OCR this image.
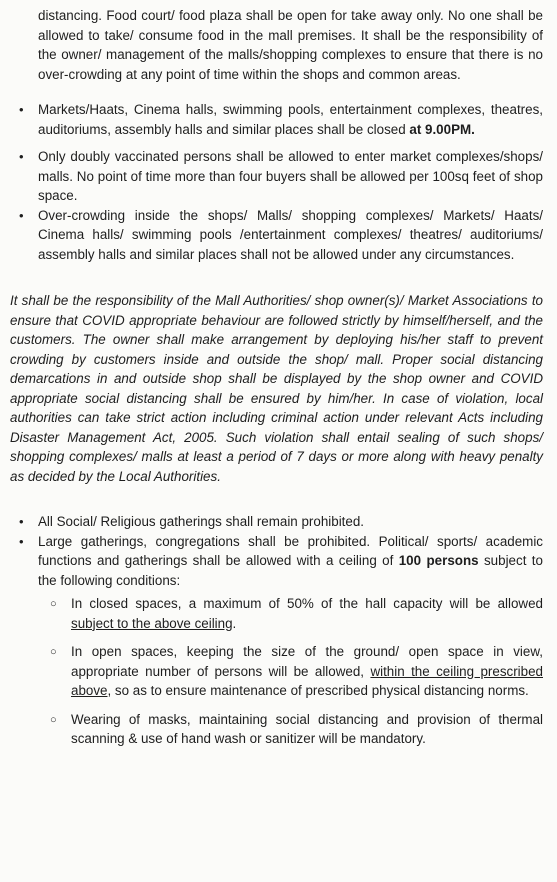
distancing. Food court/ food plaza shall be open for take away only. No one shall be allowed to take/ consume food in the mall premises. It shall be the responsibility of the owner/ management of the malls/shopping complexes to ensure that there is no over-crowding at any point of time within the shops and common areas.

• Markets/Haats, Cinema halls, swimming pools, entertainment complexes, theatres, auditoriums, assembly halls and similar places shall be closed at 9.00PM.
• Only doubly vaccinated persons shall be allowed to enter market complexes/shops/ malls. No point of time more than four buyers shall be allowed per 100sq feet of shop space.
• Over-crowding inside the shops/ Malls/ shopping complexes/ Markets/ Haats/ Cinema halls/ swimming pools /entertainment complexes/ theatres/ auditoriums/ assembly halls and similar places shall not be allowed under any circumstances.

It shall be the responsibility of the Mall Authorities/ shop owner(s)/ Market Associations to ensure that COVID appropriate behaviour are followed strictly by himself/herself, and the customers. The owner shall make arrangement by deploying his/her staff to prevent crowding by customers inside and outside the shop/ mall. Proper social distancing demarcations in and outside shop shall be displayed by the shop owner and COVID appropriate social distancing shall be ensured by him/her. In case of violation, local authorities can take strict action including criminal action under relevant Acts including Disaster Management Act, 2005. Such violation shall entail sealing of such shops/ shopping complexes/ malls at least a period of 7 days or more along with heavy penalty as decided by the Local Authorities.

• All Social/ Religious gatherings shall remain prohibited.
• Large gatherings, congregations shall be prohibited. Political/ sports/ academic functions and gatherings shall be allowed with a ceiling of 100 persons subject to the following conditions:
○ In closed spaces, a maximum of 50% of the hall capacity will be allowed subject to the above ceiling.
○ In open spaces, keeping the size of the ground/ open space in view, appropriate number of persons will be allowed, within the ceiling prescribed above, so as to ensure maintenance of prescribed physical distancing norms.
○ Wearing of masks, maintaining social distancing and provision of thermal scanning & use of hand wash or sanitizer will be mandatory.
